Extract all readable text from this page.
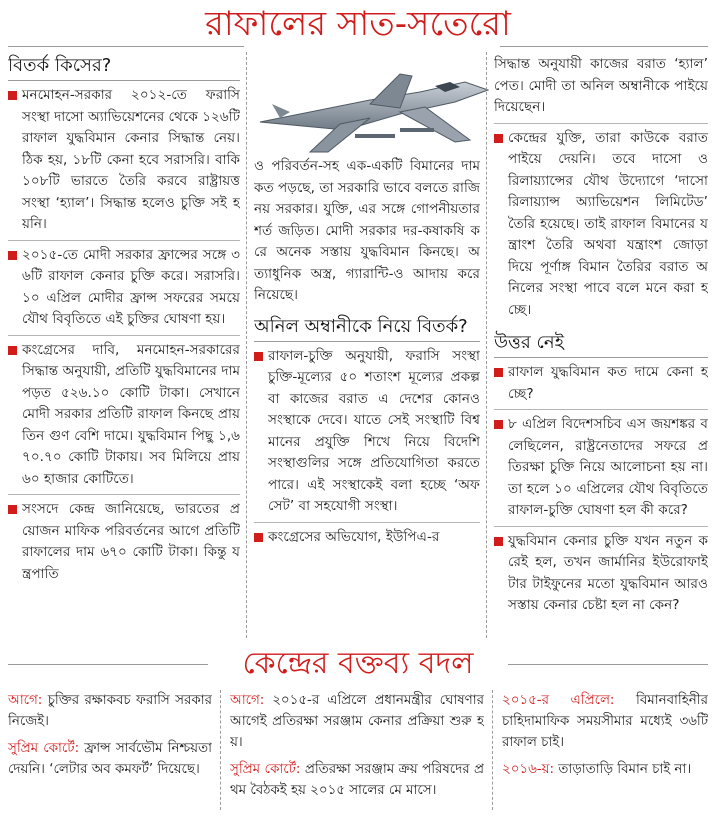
রাফালের সাত-সতেরো
বিতর্ক কিসের?
মনমোহন-সরকার ২০১২-তে ফরাসি সংস্থা দাসো অ্যাভিয়েশনের থেকে ১২৬টি রাফাল যুদ্ধবিমান কেনার সিদ্ধান্ত নেয়। ঠিক হয়, ১৮টি কেনা হবে সরাসরি। বাকি ১০৮টি ভারতে তৈরি করবে রাষ্ট্রায়ত্ত সংস্থা ‘হ্যাল’। সিদ্ধান্ত হলেও চুক্তি সই হয়নি।
২০১৫-তে মোদী সরকার ফ্রান্সের সঙ্গে ৩৬টি রাফাল কেনার চুক্তি করে। সরাসরি। ১০ এপ্রিল মোদীর ফ্রান্স সফরের সময়ে যৌথ বিবৃতিতে এই চুক্তির ঘোষণা হয়।
কংগ্রেসের দাবি, মনমোহন-সরকারের সিদ্ধান্ত অনুযায়ী, প্রতিটি যুদ্ধবিমানের দাম পড়ত ৫২৬.১০ কোটি টাকা। সেখানে মোদী সরকার প্রতিটি রাফাল কিনছে প্রায় তিন গুণ বেশি দামে। যুদ্ধবিমান পিছু ১,৬৭০.৭০ কোটি টাকায়। সব মিলিয়ে প্রায় ৬০ হাজার কোটিতে।
সংসদে কেন্দ্র জানিয়েছে, ভারতের প্রয়োজন মাফিক পরিবর্তনের আগে প্রতিটি রাফালের দাম ৬৭০ কোটি টাকা। কিন্তু যন্ত্রপাতি
ও পরিবর্তন-সহ এক-একটি বিমানের দাম কত পড়ছে, তা সরকারি ভাবে বলতে রাজি নয় সরকার। যুক্তি, এর সঙ্গে গোপনীয়তার শর্ত জড়িত। মোদী সরকার দর-কষাকষি করে অনেক সস্তায় যুদ্ধবিমান কিনছে। অত্যাধুনিক অস্ত্র, গ্যারান্টি-ও আদায় করে নিয়েছে।
অনিল অম্বানীকে নিয়ে বিতর্ক?
রাফাল-চুক্তি অনুযায়ী, ফরাসি সংস্থা চুক্তি-মূল্যের ৫০ শতাংশ মূল্যের প্রকল্প বা কাজের বরাত এ দেশের কোনও সংস্থাকে দেবে। যাতে সেই সংস্থাটি বিশ্বমানের প্রযুক্তি শিখে নিয়ে বিদেশি সংস্থাগুলির সঙ্গে প্রতিযোগিতা করতে পারে। এই সংস্থাকেই বলা হচ্ছে ‘অফসেট’ বা সহযোগী সংস্থা।
কংগ্রেসের অভিযোগ, ইউপিএ-র
সিদ্ধান্ত অনুযায়ী কাজের বরাত ‘হ্যাল’ পেত। মোদী তা অনিল অম্বানীকে পাইয়ে দিয়েছেন।
কেন্দ্রের যুক্তি, তারা কাউকে বরাত পাইয়ে দেয়নি। তবে দাসো ও রিলায়্যান্সের যৌথ উদ্যোগে ‘দাসো রিলায়্যান্স অ্যাভিয়েশন লিমিটেড’ তৈরি হয়েছে। তাই রাফাল বিমানের যন্ত্রাংশ তৈরি অথবা যন্ত্রাংশ জোড়া দিয়ে পূর্ণাঙ্গ বিমান তৈরির বরাত অনিলের সংস্থা পাবে বলে মনে করা হচ্ছে।
উত্তর নেই
রাফাল যুদ্ধবিমান কত দামে কেনা হচ্ছে?
৮ এপ্রিল বিদেশসচিব এস জয়শঙ্কর বলেছিলেন, রাষ্ট্রনেতাদের সফরে প্রতিরক্ষা চুক্তি নিয়ে আলোচনা হয় না। তা হলে ১০ এপ্রিলের যৌথ বিবৃতিতে রাফাল-চুক্তি ঘোষণা হল কী করে?
যুদ্ধবিমান কেনার চুক্তি যখন নতুন করেই হল, তখন জার্মানির ইউরোফাইটার টাইফুনের মতো যুদ্ধবিমান আরও সস্তায় কেনার চেষ্টা হল না কেন?
কেন্দ্রের বক্তব্য বদল
আগে: চুক্তির রক্ষাকবচ ফরাসি সরকার নিজেই।
সুপ্রিম কোর্টে: ফ্রান্স সার্বভৌম নিশ্চয়তা দেয়নি। ‘লেটার অব কমফর্ট’ দিয়েছে।
আগে: ২০১৫-র এপ্রিলে প্রধানমন্ত্রীর ঘোষণার আগেই প্রতিরক্ষা সরঞ্জাম কেনার প্রক্রিয়া শুরু হয়।
সুপ্রিম কোর্টে: প্রতিরক্ষা সরঞ্জাম ক্রয় পরিষদের প্রথম বৈঠকই হয় ২০১৫ সালের মে মাসে।
২০১৫-র এপ্রিলে: বিমানবাহিনীর চাহিদামাফিক সময়সীমার মধ্যেই ৩৬টি রাফাল চাই।
২০১৬-য়: তাড়াতাড়ি বিমান চাই না।
